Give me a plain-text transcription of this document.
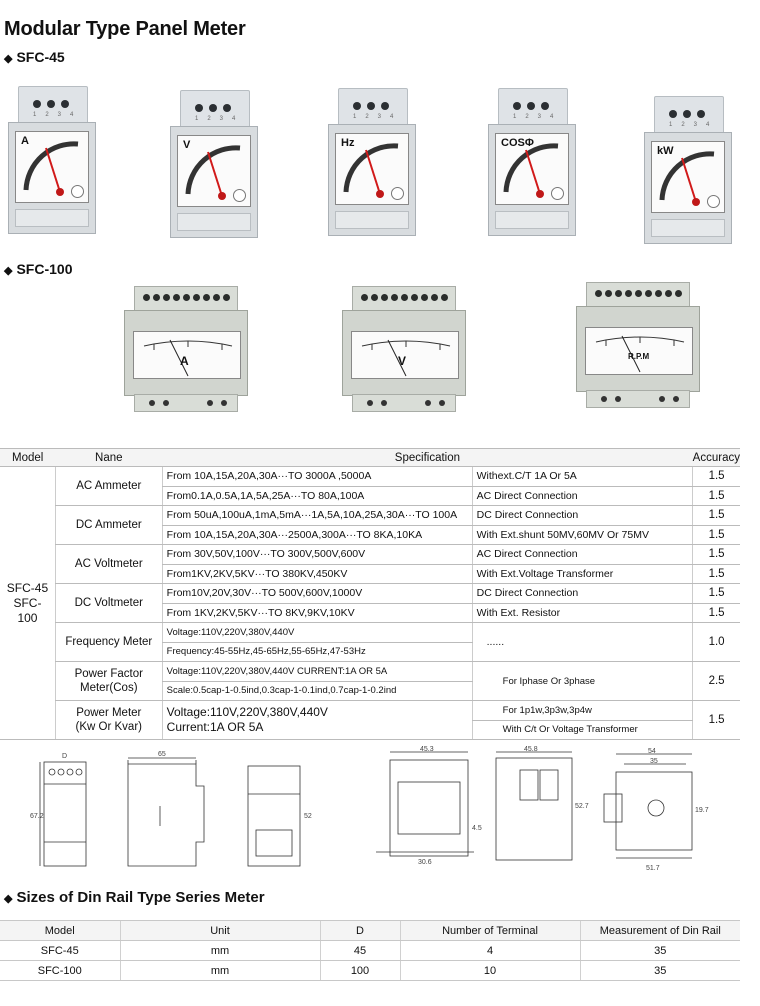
Modular Type Panel Meter
◆ SFC-45
1234
A
1234
V
1234
Hz
1234
COSΦ
1234
kW
◆ SFC-100
A	V	R.P.M
Model	Nane	Specification		Accuracy
SFC-45
SFC-100	AC Ammeter	From 10A,15A,20A,30A···TO 3000A ,5000A	Withext.C/T 1A Or 5A	1.5
		From0.1A,0.5A,1A,5A,25A···TO 80A,100A	AC Direct Connection	1.5
	DC Ammeter	From 50uA,100uA,1mA,5mA···1A,5A,10A,25A,30A···TO 100A	DC Direct Connection	1.5
		From 10A,15A,20A,30A···2500A,300A···TO 8KA,10KA	With Ext.shunt 50MV,60MV Or 75MV	1.5
	AC Voltmeter	From 30V,50V,100V···TO 300V,500V,600V	AC Direct Connection	1.5
		From1KV,2KV,5KV···TO 380KV,450KV	With Ext.Voltage Transformer	1.5
	DC Voltmeter	From10V,20V,30V···TO 500V,600V,1000V	DC Direct Connection	1.5
		From 1KV,2KV,5KV···TO 8KV,9KV,10KV	With Ext. Resistor	1.5
	Frequency Meter	Voltage:110V,220V,380V,440V	......	1.0
		Frequency:45-55Hz,45-65Hz,55-65Hz,47-53Hz		
	Power Factor
Meter(Cos)	Voltage:110V,220V,380V,440V CURRENT:1A OR 5A	For Iphase Or 3phase	2.5
		Scale:0.5cap-1-0.5ind,0.3cap-1-0.1ind,0.7cap-1-0.2ind		
	Power Meter
(Kw Or Kvar)	Voltage:110V,220V,380V,440V
Current:1A OR 5A	For 1p1w,3p3w,3p4w	1.5
			With C/t Or Voltage Transformer	
D
67.2
65
52
45.3
30.6
4.5
45.8
52.7
54
35
19.7
51.7
◆ Sizes of Din Rail Type Series Meter
Model	Unit	D	Number of Terminal	Measurement of Din Rail
SFC-45	mm	45	4	35
SFC-100	mm	100	10	35
